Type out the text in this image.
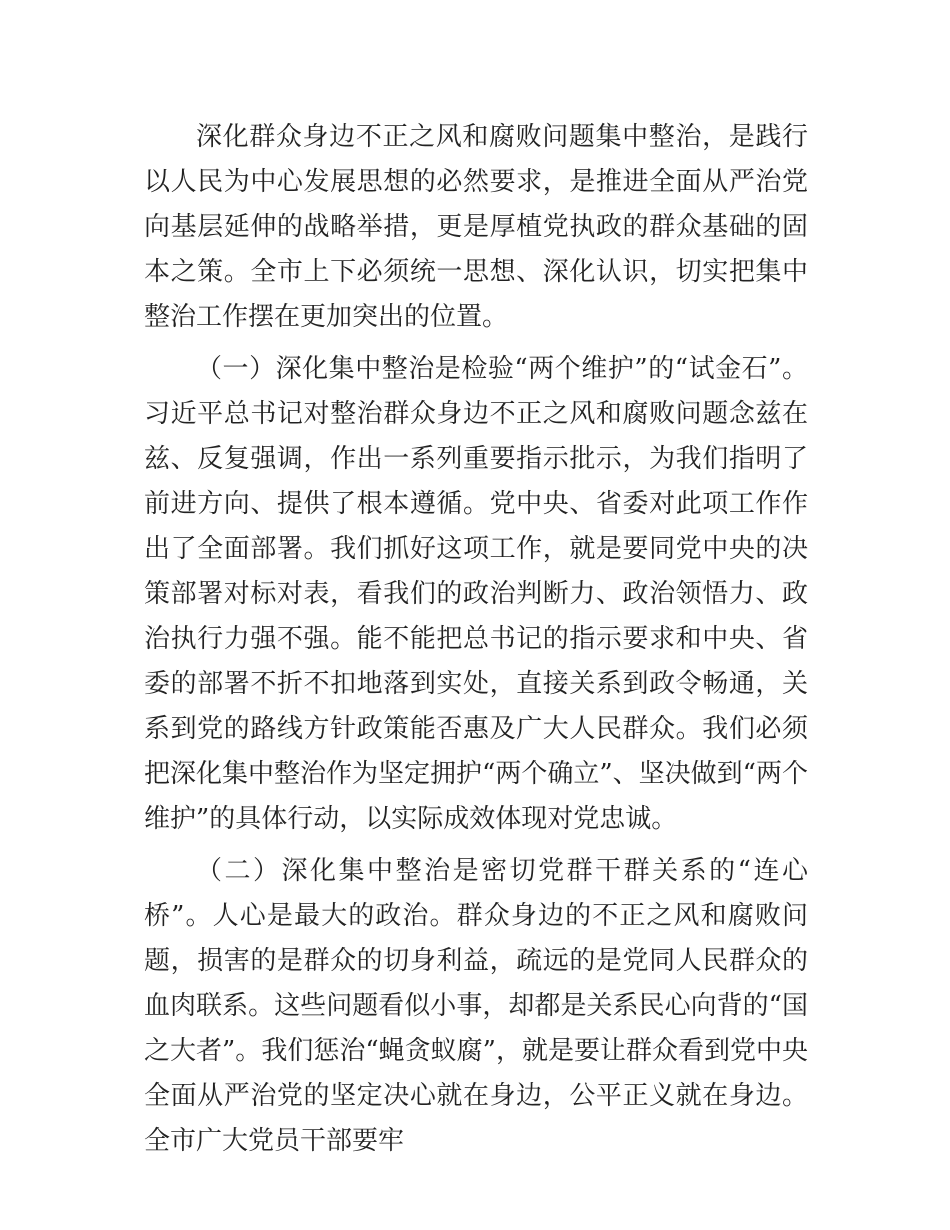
深化群众身边不正之风和腐败问题集中整治，是践行以人民为中心发展思想的必然要求，是推进全面从严治党向基层延伸的战略举措，更是厚植党执政的群众基础的固本之策。全市上下必须统一思想、深化认识，切实把集中整治工作摆在更加突出的位置。

（一）深化集中整治是检验“两个维护”的“试金石”。习近平总书记对整治群众身边不正之风和腐败问题念兹在兹、反复强调，作出一系列重要指示批示，为我们指明了前进方向、提供了根本遵循。党中央、省委对此项工作作出了全面部署。我们抓好这项工作，就是要同党中央的决策部署对标对表，看我们的政治判断力、政治领悟力、政治执行力强不强。能不能把总书记的指示要求和中央、省委的部署不折不扣地落到实处，直接关系到政令畅通，关系到党的路线方针政策能否惠及广大人民群众。我们必须把深化集中整治作为坚定拥护“两个确立”、坚决做到“两个维护”的具体行动，以实际成效体现对党忠诚。

（二）深化集中整治是密切党群干群关系的“连心桥”。人心是最大的政治。群众身边的不正之风和腐败问题，损害的是群众的切身利益，疏远的是党同人民群众的血肉联系。这些问题看似小事，却都是关系民心向背的“国之大者”。我们惩治“蝇贪蚁腐”，就是要让群众看到党中央全面从严治党的坚定决心就在身边，公平正义就在身边。全市广大党员干部要牢
